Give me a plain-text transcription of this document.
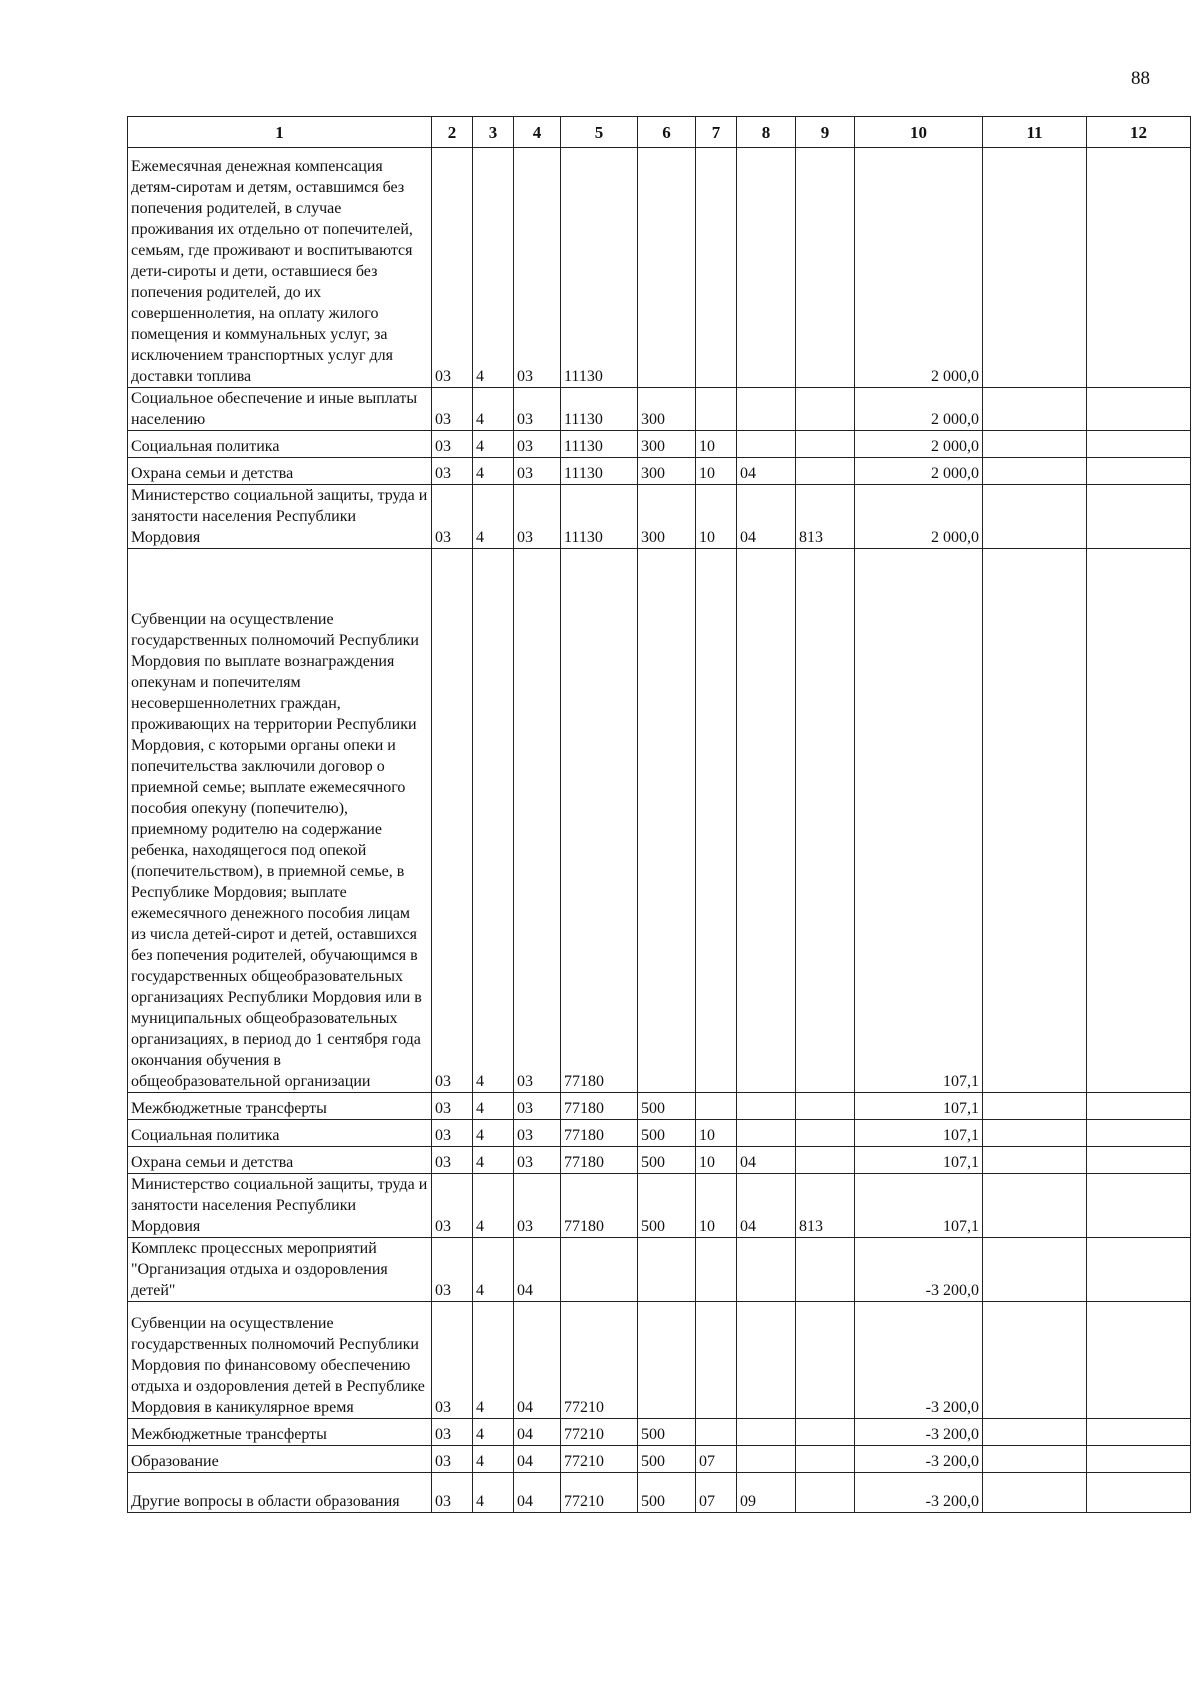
88
1	2	3	4	5	6	7	8	9	10	11	12
Ежемесячная денежная компенсация детям-сиротам и детям, оставшимся без попечения родителей, в случае проживания их отдельно от попечителей, семьям, где проживают и воспитываются дети-сироты и дети, оставшиеся без попечения родителей, до их совершеннолетия, на оплату жилого помещения и коммунальных услуг, за исключением транспортных услуг для доставки топлива	03	4	03	11130					2 000,0		
Социальное обеспечение и иные выплаты населению	03	4	03	11130	300				2 000,0		
Социальная политика	03	4	03	11130	300	10			2 000,0		
Охрана семьи и детства	03	4	03	11130	300	10	04		2 000,0		
Министерство социальной защиты, труда и занятости населения Республики Мордовия	03	4	03	11130	300	10	04	813	2 000,0		
Субвенции на осуществление государственных полномочий Республики Мордовия по выплате вознаграждения опекунам и попечителям несовершеннолетних граждан, проживающих на территории Республики Мордовия, с которыми органы опеки и попечительства заключили договор о приемной семье; выплате ежемесячного пособия опекуну (попечителю), приемному родителю на содержание ребенка, находящегося под опекой (попечительством), в приемной семье, в Республике Мордовия; выплате ежемесячного денежного пособия лицам из числа детей-сирот и детей, оставшихся без попечения родителей, обучающимся в государственных общеобразовательных организациях Республики Мордовия или в муниципальных общеобразовательных организациях, в период до 1 сентября года окончания обучения в общеобразовательной организации	03	4	03	77180					107,1		
Межбюджетные трансферты	03	4	03	77180	500				107,1		
Социальная политика	03	4	03	77180	500	10			107,1		
Охрана семьи и детства	03	4	03	77180	500	10	04		107,1		
Министерство социальной защиты, труда и занятости населения Республики Мордовия	03	4	03	77180	500	10	04	813	107,1		
Комплекс процессных мероприятий "Организация отдыха и оздоровления детей"	03	4	04						-3 200,0		
Субвенции на осуществление государственных полномочий Республики Мордовия по финансовому обеспечению отдыха и оздоровления детей в Республике Мордовия в каникулярное время	03	4	04	77210					-3 200,0		
Межбюджетные трансферты	03	4	04	77210	500				-3 200,0		
Образование	03	4	04	77210	500	07			-3 200,0		
Другие вопросы в области образования	03	4	04	77210	500	07	09		-3 200,0		
